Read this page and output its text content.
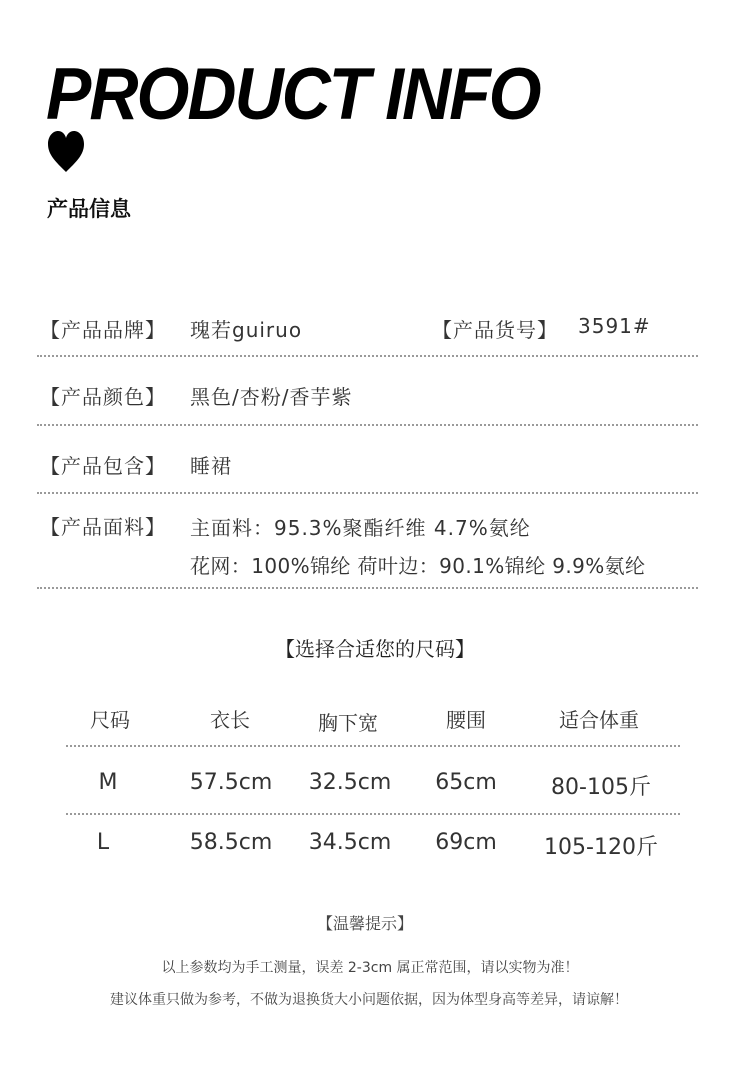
PRODUCT INFO
产品信息
【产品品牌】 瑰若guiruo	【产品货号】 3591#
【产品颜色】 黑色/杏粉/香芋紫
【产品包含】 睡裙
【产品面料】 主面料：95.3%聚酯纤维 4.7%氨纶
花网：100%锦纶 荷叶边：90.1%锦纶 9.9%氨纶
【选择合适您的尺码】
尺码	衣长	胸下宽	腰围	适合体重
M	57.5cm 32.5cm 65cm 80-105斤
L	58.5cm 34.5cm 69cm 105-120斤
【温馨提示】
以上参数均为手工测量，误差 2-3cm 属正常范围，请以实物为准！
建议体重只做为参考，不做为退换货大小问题依据，因为体型身高等差异，请谅解！
